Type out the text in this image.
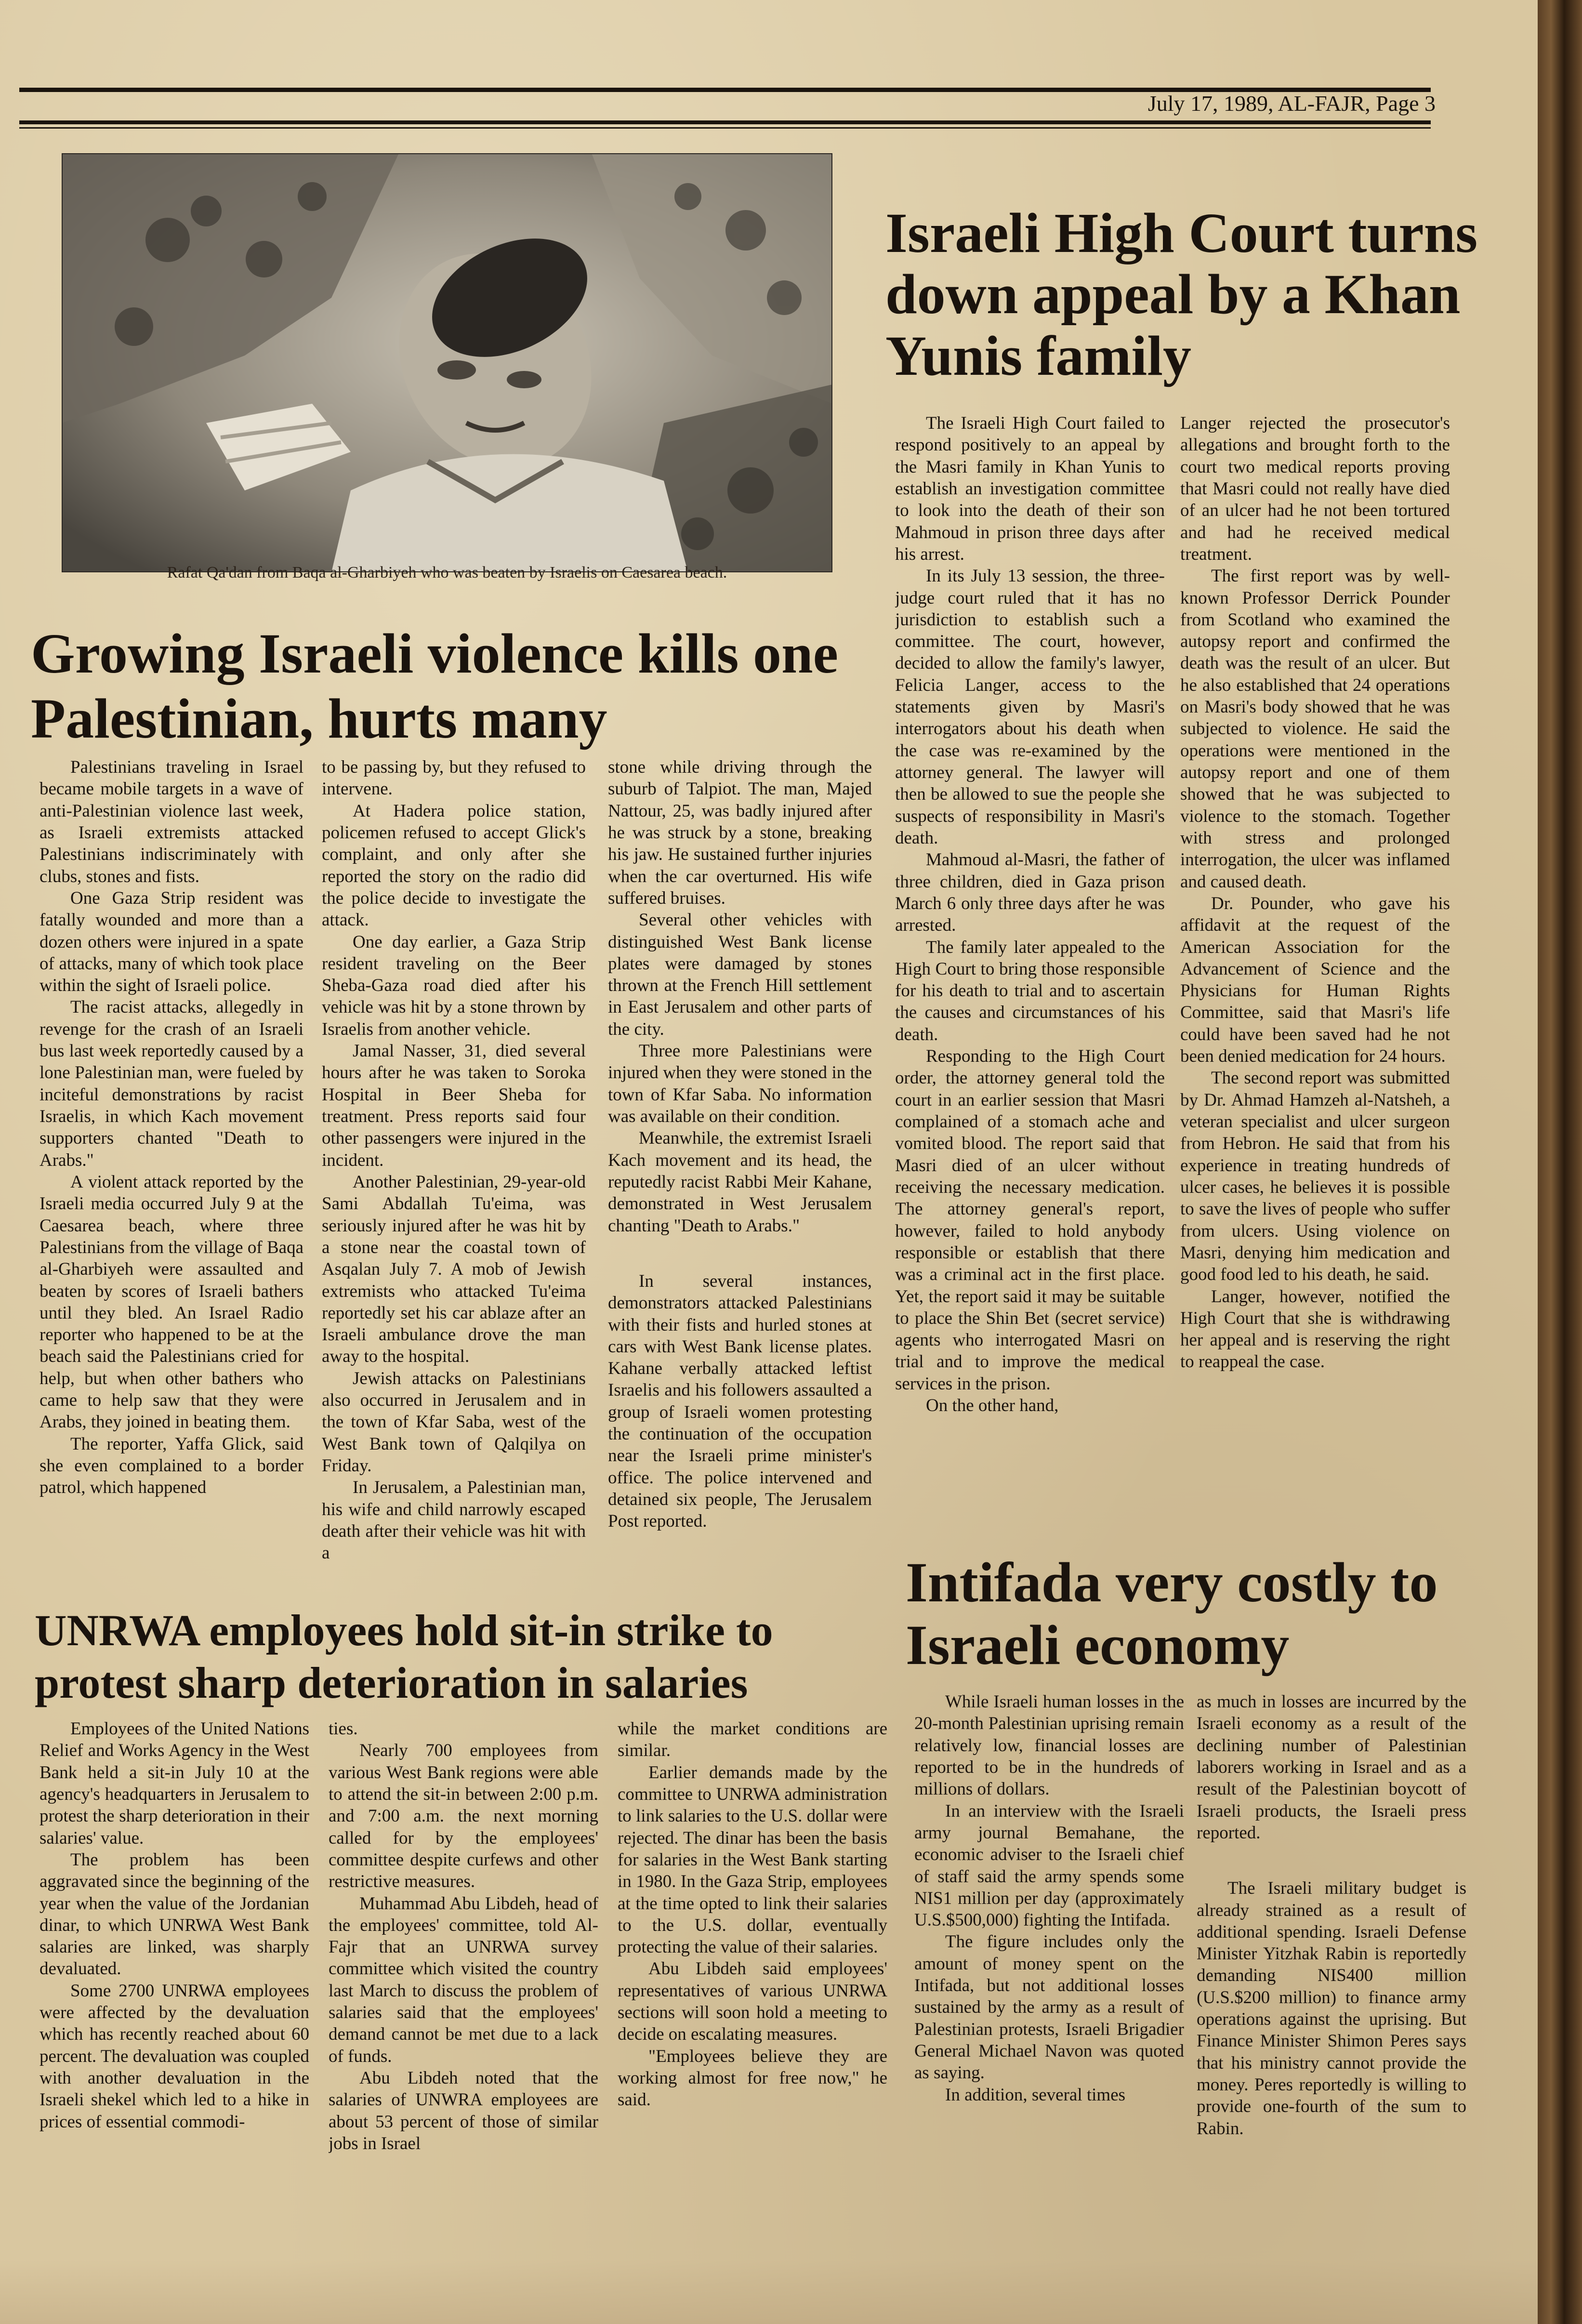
July 17, 1989, AL-FAJR, Page 3
Rafat Qa'dan from Baqa al-Gharbiyeh who was beaten by Israelis on Caesarea beach.
Israeli High Court turns down appeal by a Khan Yunis family

The Israeli High Court failed to respond positively to an appeal by the Masri family in Khan Yunis to establish an investigation committee to look into the death of their son Mahmoud in prison three days after his arrest.

In its July 13 session, the three-judge court ruled that it has no jurisdiction to establish such a committee. The court, however, decided to allow the family's lawyer, Felicia Langer, access to the statements given by Masri's interrogators about his death when the case was re-examined by the attorney general. The lawyer will then be allowed to sue the people she suspects of responsibility in Masri's death.

Mahmoud al-Masri, the father of three children, died in Gaza prison March 6 only three days after he was arrested.

The family later appealed to the High Court to bring those responsible for his death to trial and to ascertain the causes and circumstances of his death.

Responding to the High Court order, the attorney general told the court in an earlier session that Masri complained of a stomach ache and vomited blood. The report said that Masri died of an ulcer without receiving the necessary medication. The attorney general's report, however, failed to hold anybody responsible or establish that there was a criminal act in the first place. Yet, the report said it may be suitable to place the Shin Bet (secret service) agents who interrogated Masri on trial and to improve the medical services in the prison.

On the other hand,

Langer rejected the prosecutor's allegations and brought forth to the court two medical reports proving that Masri could not really have died of an ulcer had he not been tortured and had he received medical treatment.

The first report was by well-known Professor Derrick Pounder from Scotland who examined the autopsy report and confirmed the death was the result of an ulcer. But he also established that 24 operations on Masri's body showed that he was subjected to violence. He said the operations were mentioned in the autopsy report and one of them showed that he was subjected to violence to the stomach. Together with stress and prolonged interrogation, the ulcer was inflamed and caused death.

Dr. Pounder, who gave his affidavit at the request of the American Association for the Advancement of Science and the Physicians for Human Rights Committee, said that Masri's life could have been saved had he not been denied medication for 24 hours.

The second report was submitted by Dr. Ahmad Hamzeh al-Natsheh, a veteran specialist and ulcer surgeon from Hebron. He said that from his experience in treating hundreds of ulcer cases, he believes it is possible to save the lives of people who suffer from ulcers. Using violence on Masri, denying him medication and good food led to his death, he said.

Langer, however, notified the High Court that she is withdrawing her appeal and is reserving the right to reappeal the case.

Growing Israeli violence kills one Palestinian, hurts many

Palestinians traveling in Israel became mobile targets in a wave of anti-Palestinian violence last week, as Israeli extremists attacked Palestinians indiscriminately with clubs, stones and fists.

One Gaza Strip resident was fatally wounded and more than a dozen others were injured in a spate of attacks, many of which took place within the sight of Israeli police.

The racist attacks, allegedly in revenge for the crash of an Israeli bus last week reportedly caused by a lone Palestinian man, were fueled by inciteful demonstrations by racist Israelis, in which Kach movement supporters chanted "Death to Arabs."

A violent attack reported by the Israeli media occurred July 9 at the Caesarea beach, where three Palestinians from the village of Baqa al-Gharbiyeh were assaulted and beaten by scores of Israeli bathers until they bled. An Israel Radio reporter who happened to be at the beach said the Palestinians cried for help, but when other bathers who came to help saw that they were Arabs, they joined in beating them.

The reporter, Yaffa Glick, said she even complained to a border patrol, which happened

to be passing by, but they refused to intervene.

At Hadera police station, policemen refused to accept Glick's complaint, and only after she reported the story on the radio did the police decide to investigate the attack.

One day earlier, a Gaza Strip resident traveling on the Beer Sheba-Gaza road died after his vehicle was hit by a stone thrown by Israelis from another vehicle.

Jamal Nasser, 31, died several hours after he was taken to Soroka Hospital in Beer Sheba for treatment. Press reports said four other passengers were injured in the incident.

Another Palestinian, 29-year-old Sami Abdallah Tu'eima, was seriously injured after he was hit by a stone near the coastal town of Asqalan July 7. A mob of Jewish extremists who attacked Tu'eima reportedly set his car ablaze after an Israeli ambulance drove the man away to the hospital.

Jewish attacks on Palestinians also occurred in Jerusalem and in the town of Kfar Saba, west of the West Bank town of Qalqilya on Friday.

In Jerusalem, a Palestinian man, his wife and child narrowly escaped death after their vehicle was hit with a

stone while driving through the suburb of Talpiot. The man, Majed Nattour, 25, was badly injured after he was struck by a stone, breaking his jaw. He sustained further injuries when the car overturned. His wife suffered bruises.

Several other vehicles with distinguished West Bank license plates were damaged by stones thrown at the French Hill settlement in East Jerusalem and other parts of the city.

Three more Palestinians were injured when they were stoned in the town of Kfar Saba. No information was available on their condition.

Meanwhile, the extremist Israeli Kach movement and its head, the reputedly racist Rabbi Meir Kahane, demonstrated in West Jerusalem chanting "Death to Arabs."

In several instances, demonstrators attacked Palestinians with their fists and hurled stones at cars with West Bank license plates. Kahane verbally attacked leftist Israelis and his followers assaulted a group of Israeli women protesting the continuation of the occupation near the Israeli prime minister's office. The police intervened and detained six people, The Jerusalem Post reported.

UNRWA employees hold sit-in strike to protest sharp deterioration in salaries

Employees of the United Nations Relief and Works Agency in the West Bank held a sit-in July 10 at the agency's headquarters in Jerusalem to protest the sharp deterioration in their salaries' value.

The problem has been aggravated since the beginning of the year when the value of the Jordanian dinar, to which UNRWA West Bank salaries are linked, was sharply devaluated.

Some 2700 UNRWA employees were affected by the devaluation which has recently reached about 60 percent. The devaluation was coupled with another devaluation in the Israeli shekel which led to a hike in prices of essential commodi-

ties.

Nearly 700 employees from various West Bank regions were able to attend the sit-in between 2:00 p.m. and 7:00 a.m. the next morning called for by the employees' committee despite curfews and other restrictive measures.

Muhammad Abu Libdeh, head of the employees' committee, told Al-Fajr that an UNRWA survey committee which visited the country last March to discuss the problem of salaries said that the employees' demand cannot be met due to a lack of funds.

Abu Libdeh noted that the salaries of UNWRA employees are about 53 percent of those of similar jobs in Israel

while the market conditions are similar.

Earlier demands made by the committee to UNRWA administration to link salaries to the U.S. dollar were rejected. The dinar has been the basis for salaries in the West Bank starting in 1980. In the Gaza Strip, employees at the time opted to link their salaries to the U.S. dollar, eventually protecting the value of their salaries.

Abu Libdeh said employees' representatives of various UNRWA sections will soon hold a meeting to decide on escalating measures.

"Employees believe they are working almost for free now," he said.

Intifada very costly to Israeli economy

While Israeli human losses in the 20-month Palestinian uprising remain relatively low, financial losses are reported to be in the hundreds of millions of dollars.

In an interview with the Israeli army journal Bemahane, the economic adviser to the Israeli chief of staff said the army spends some NIS1 million per day (approximately U.S.$500,000) fighting the Intifada.

The figure includes only the amount of money spent on the Intifada, but not additional losses sustained by the army as a result of Palestinian protests, Israeli Brigadier General Michael Navon was quoted as saying.

In addition, several times

as much in losses are incurred by the Israeli economy as a result of the declining number of Palestinian laborers working in Israel and as a result of the Palestinian boycott of Israeli products, the Israeli press reported.

The Israeli military budget is already strained as a result of additional spending. Israeli Defense Minister Yitzhak Rabin is reportedly demanding NIS400 million (U.S.$200 million) to finance army operations against the uprising. But Finance Minister Shimon Peres says that his ministry cannot provide the money. Peres reportedly is willing to provide one-fourth of the sum to Rabin.
